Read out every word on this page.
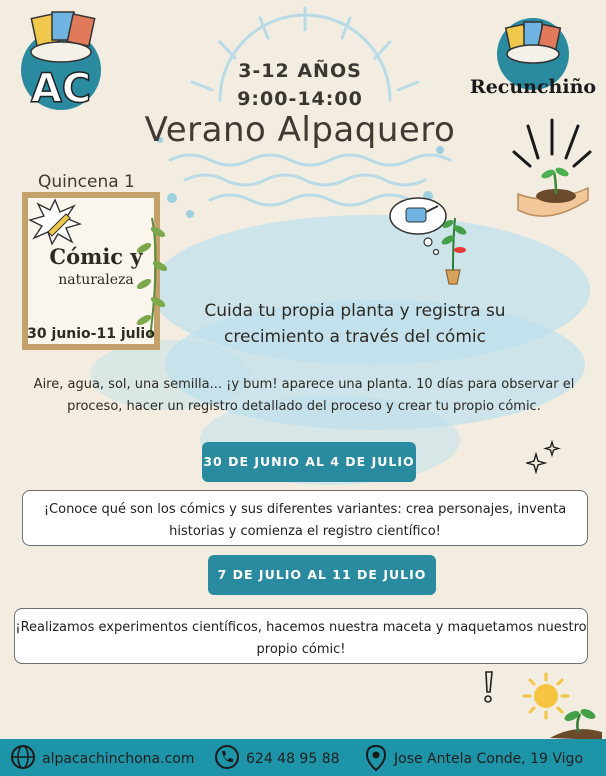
AC	Recunchiño
3-12 AÑOS
9:00-14:00
Verano Alpaquero
Quincena 1
Cómic y
naturaleza
30 junio-11 julio
Cuida tu propia planta y registra su crecimiento a través del cómic
Aire, agua, sol, una semilla... ¡y bum! aparece una planta. 10 días para observar el proceso, hacer un registro detallado del proceso y crear tu propio cómic.
30 DE JUNIO AL 4 DE JULIO
¡Conoce qué son los cómics y sus diferentes variantes: crea personajes, inventa historias y comienza el registro científico!
7 DE JULIO AL 11 DE JULIO
¡Realizamos experimentos científicos, hacemos nuestra maceta y maquetamos nuestro propio cómic!
alpacachinchona.com	624 48 95 88	Jose Antela Conde, 19 Vigo
